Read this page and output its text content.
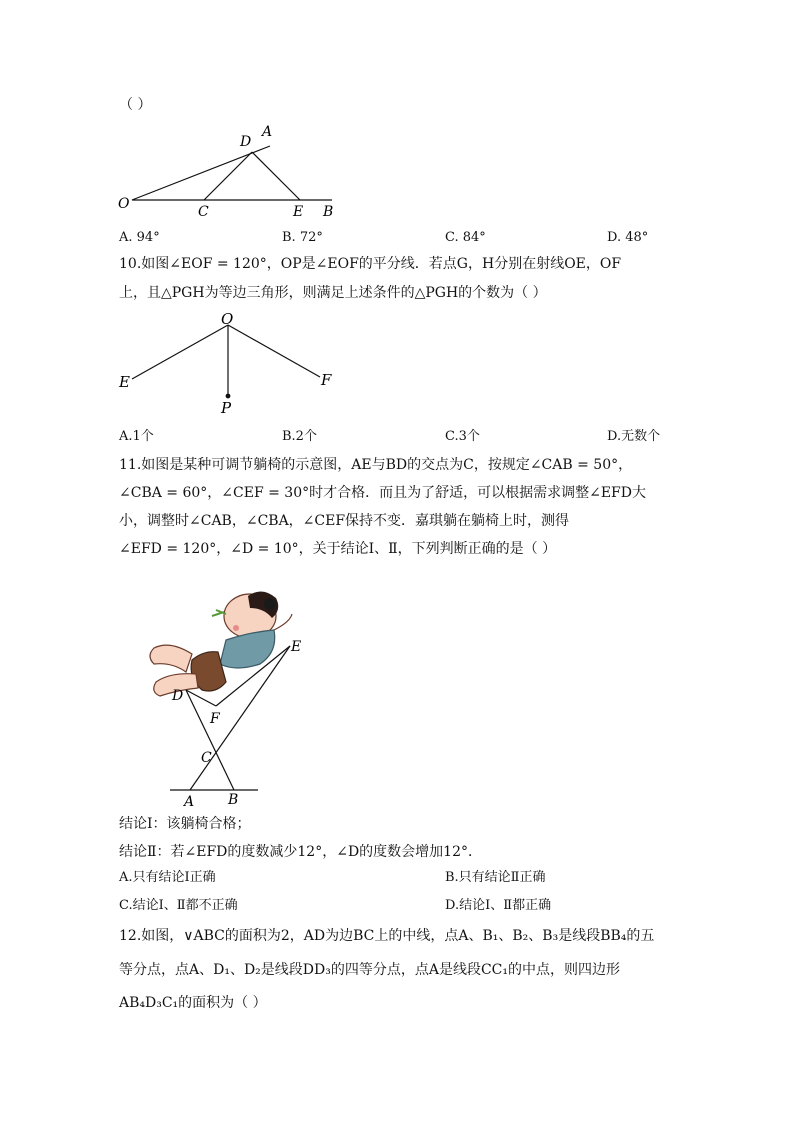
（ ）
O
D
A
C	E B
A. 94°	B. 72°	C. 84°	D. 48°
10.如图∠EOF = 120°，OP是∠EOF的平分线．若点G，H分别在射线OE，OF
上，且△PGH为等边三角形，则满足上述条件的△PGH的个数为（ ）
O
E	F
P
A.1个	B.2个	C.3个	D.无数个
11.如图是某种可调节躺椅的示意图，AE与BD的交点为C，按规定∠CAB = 50°，
∠CBA = 60°，∠CEF = 30°时才合格．而且为了舒适，可以根据需求调整∠EFD大
小，调整时∠CAB，∠CBA，∠CEF保持不变．嘉琪躺在躺椅上时，测得
∠EFD = 120°，∠D = 10°，关于结论Ⅰ、Ⅱ，下列判断正确的是（ ）
E
D
F
C
A B
结论Ⅰ：该躺椅合格；
结论Ⅱ：若∠EFD的度数减少12°，∠D的度数会增加12°．
A.只有结论Ⅰ正确	B.只有结论Ⅱ正确
C.结论Ⅰ、Ⅱ都不正确	D.结论Ⅰ、Ⅱ都正确
12.如图，∨ABC的面积为2，AD为边BC上的中线，点A、B₁、B₂、B₃是线段BB₄的五
等分点，点A、D₁、D₂是线段DD₃的四等分点，点A是线段CC₁的中点，则四边形
AB₄D₃C₁的面积为（ ）
